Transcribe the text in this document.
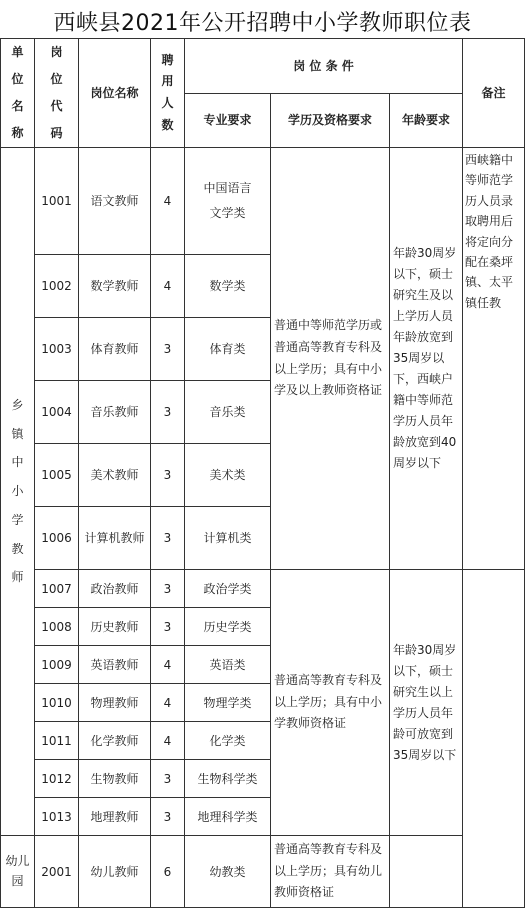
西峡县2021年公开招聘中小学教师职位表
单位名称	岗位代码	岗位名称	聘用人数	岗 位 条 件			备注
				专业要求	学历及资格要求	年龄要求	

乡镇中小学教师	1001	语文教师	4	中国语言文学类	普通中等师范学历或普通高等教育专科及以上学历；具有中小学及以上教师资格证	年龄30周岁以下，硕士研究生及以上学历人员年龄放宽到35周岁以下，西峡户籍中等师范学历人员年龄放宽到40周岁以下	西峡籍中等师范学历人员录取聘用后将定向分配在桑坪镇、太平镇任教
	1002	数学教师	4	数学类			
	1003	体育教师	3	体育类			
	1004	音乐教师	3	音乐类			
	1005	美术教师	3	美术类			
	1006	计算机教师	3	计算机类			
	1007	政治教师	3	政治学类	普通高等教育专科及以上学历；具有中小学教师资格证	年龄30周岁以下，硕士研究生以上学历人员年龄可放宽到35周岁以下	
	1008	历史教师	3	历史学类			
	1009	英语教师	4	英语类			
	1010	物理教师	4	物理学类			
	1011	化学教师	4	化学类			
	1012	生物教师	3	生物科学类			
	1013	地理教师	3	地理科学类			

幼儿园	2001	幼儿教师	6	幼教类	普通高等教育专科及以上学历；具有幼儿教师资格证		
